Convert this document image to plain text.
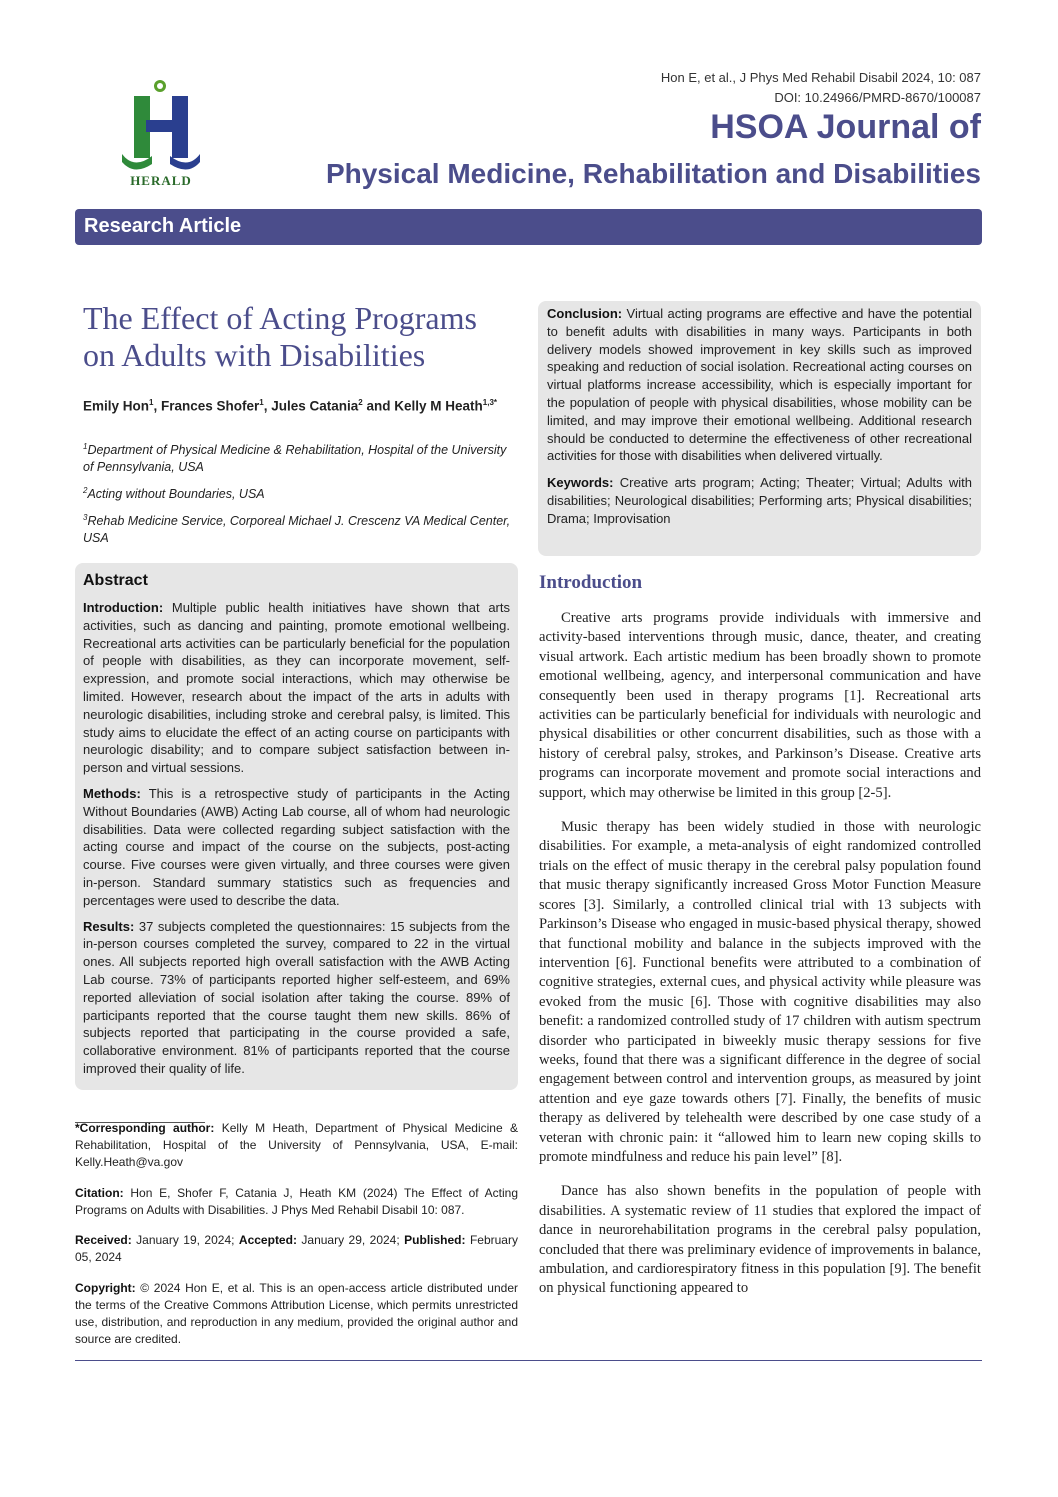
HERALD
Hon E, et al., J Phys Med Rehabil Disabil 2024, 10: 087
DOI: 10.24966/PMRD-8670/100087
HSOA Journal of
Physical Medicine, Rehabilitation and Disabilities
Research Article
The Effect of Acting Programs on Adults with Disabilities
Emily Hon$^1$, Frances Shofer$^1$, Jules Catania$^2$ and Kelly M Heath$^{1,3*}$
$^1$Department of Physical Medicine & Rehabilitation, Hospital of the University of Pennsylvania, USA
$^2$Acting without Boundaries, USA
$^3$Rehab Medicine Service, Corporeal Michael J. Crescenz VA Medical Center, USA
Abstract

Introduction: Multiple public health initiatives have shown that arts activities, such as dancing and painting, promote emotional wellbeing. Recreational arts activities can be particularly beneficial for the population of people with disabilities, as they can incorporate movement, self-expression, and promote social interactions, which may otherwise be limited. However, research about the impact of the arts in adults with neurologic disabilities, including stroke and cerebral palsy, is limited. This study aims to elucidate the effect of an acting course on participants with neurologic disability; and to compare subject satisfaction between in-person and virtual sessions.

Methods: This is a retrospective study of participants in the Acting Without Boundaries (AWB) Acting Lab course, all of whom had neurologic disabilities. Data were collected regarding subject satisfaction with the acting course and impact of the course on the subjects, post-acting course. Five courses were given virtually, and three courses were given in-person. Standard summary statistics such as frequencies and percentages were used to describe the data.

Results: 37 subjects completed the questionnaires: 15 subjects from the in-person courses completed the survey, compared to 22 in the virtual ones. All subjects reported high overall satisfaction with the AWB Acting Lab course. 73% of participants reported higher self-esteem, and 69% reported alleviation of social isolation after taking the course. 89% of participants reported that the course taught them new skills. 86% of subjects reported that participating in the course provided a safe, collaborative environment. 81% of participants reported that the course improved their quality of life.

Conclusion: Virtual acting programs are effective and have the potential to benefit adults with disabilities in many ways. Participants in both delivery models showed improvement in key skills such as improved speaking and reduction of social isolation. Recreational acting courses on virtual platforms increase accessibility, which is especially important for the population of people with physical disabilities, whose mobility can be limited, and may improve their emotional wellbeing. Additional research should be conducted to determine the effectiveness of other recreational activities for those with disabilities when delivered virtually.

Keywords: Creative arts program; Acting; Theater; Virtual; Adults with disabilities; Neurological disabilities; Performing arts; Physical disabilities; Drama; Improvisation

*Corresponding author: Kelly M Heath, Department of Physical Medicine & Rehabilitation, Hospital of the University of Pennsylvania, USA, E-mail: Kelly.Heath@va.gov
Citation: Hon E, Shofer F, Catania J, Heath KM (2024) The Effect of Acting Programs on Adults with Disabilities. J Phys Med Rehabil Disabil 10: 087.
Received: January 19, 2024; Accepted: January 29, 2024; Published: February 05, 2024
Copyright: © 2024 Hon E, et al. This is an open-access article distributed under the terms of the Creative Commons Attribution License, which permits unrestricted use, distribution, and reproduction in any medium, provided the original author and source are credited.
Introduction

Creative arts programs provide individuals with immersive and activity-based interventions through music, dance, theater, and creating visual artwork. Each artistic medium has been broadly shown to promote emotional wellbeing, agency, and interpersonal communication and have consequently been used in therapy programs [1]. Recreational arts activities can be particularly beneficial for individuals with neurologic and physical disabilities or other concurrent disabilities, such as those with a history of cerebral palsy, strokes, and Parkinson’s Disease. Creative arts programs can incorporate movement and promote social interactions and support, which may otherwise be limited in this group [2-5].

Music therapy has been widely studied in those with neurologic disabilities. For example, a meta-analysis of eight randomized controlled trials on the effect of music therapy in the cerebral palsy population found that music therapy significantly increased Gross Motor Function Measure scores [3]. Similarly, a controlled clinical trial with 13 subjects with Parkinson’s Disease who engaged in music-based physical therapy, showed that functional mobility and balance in the subjects improved with the intervention [6]. Functional benefits were attributed to a combination of cognitive strategies, external cues, and physical activity while pleasure was evoked from the music [6]. Those with cognitive disabilities may also benefit: a randomized controlled study of 17 children with autism spectrum disorder who participated in biweekly music therapy sessions for five weeks, found that there was a significant difference in the degree of social engagement between control and intervention groups, as measured by joint attention and eye gaze towards others [7]. Finally, the benefits of music therapy as delivered by telehealth were described by one case study of a veteran with chronic pain: it “allowed him to learn new coping skills to promote mindfulness and reduce his pain level” [8].

Dance has also shown benefits in the population of people with disabilities. A systematic review of 11 studies that explored the impact of dance in neurorehabilitation programs in the cerebral palsy population, concluded that there was preliminary evidence of improvements in balance, ambulation, and cardiorespiratory fitness in this population [9]. The benefit on physical functioning appeared to
